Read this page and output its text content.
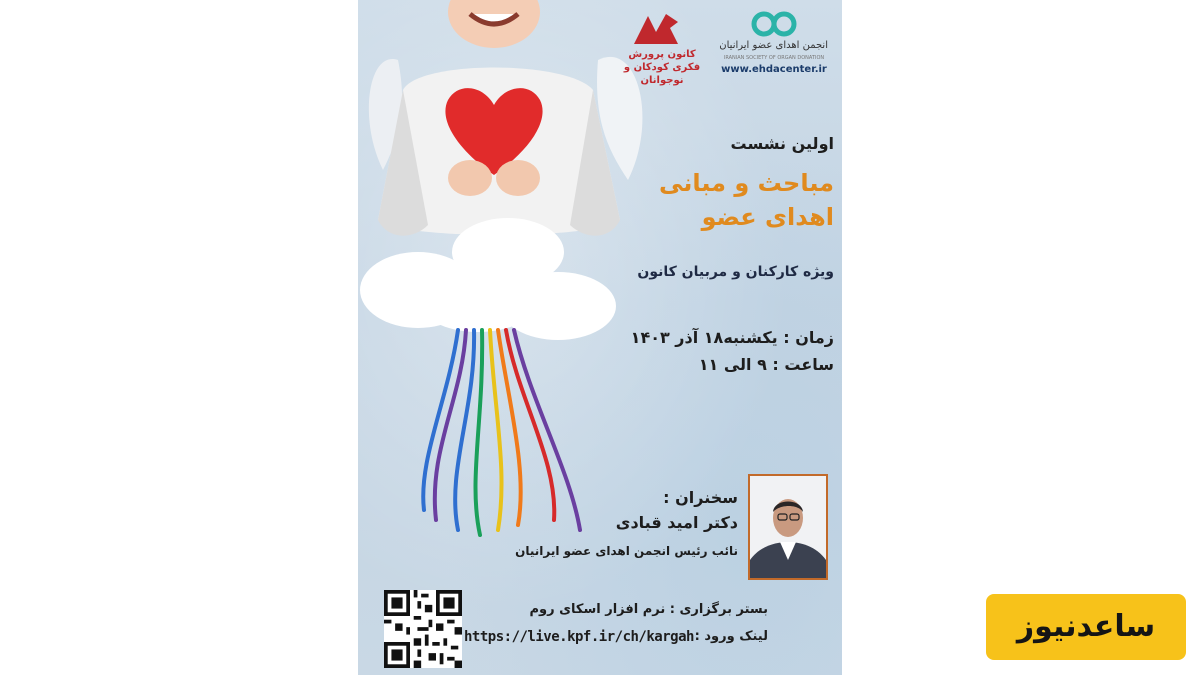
کانون پرورش فکری کودکان و نوجوانان
انجمن اهدای عضو ایرانیان
IRANIAN SOCIETY OF ORGAN DONATION
www.ehdacenter.ir
اولین نشست
مباحث و مبانی اهدای عضو
ویژه کارکنان و مربیان کانون
زمان : یکشنبه۱۸ آذر ۱۴۰۳
ساعت : ۹ الی ۱۱
سخنران :
دکتر امید قبادی
نائب رئیس انجمن اهدای عضو ایرانیان
بستر برگزاری : نرم افزار اسکای روم
لینک ورود :
https://live.kpf.ir/ch/kargah	ساعدنیوز
